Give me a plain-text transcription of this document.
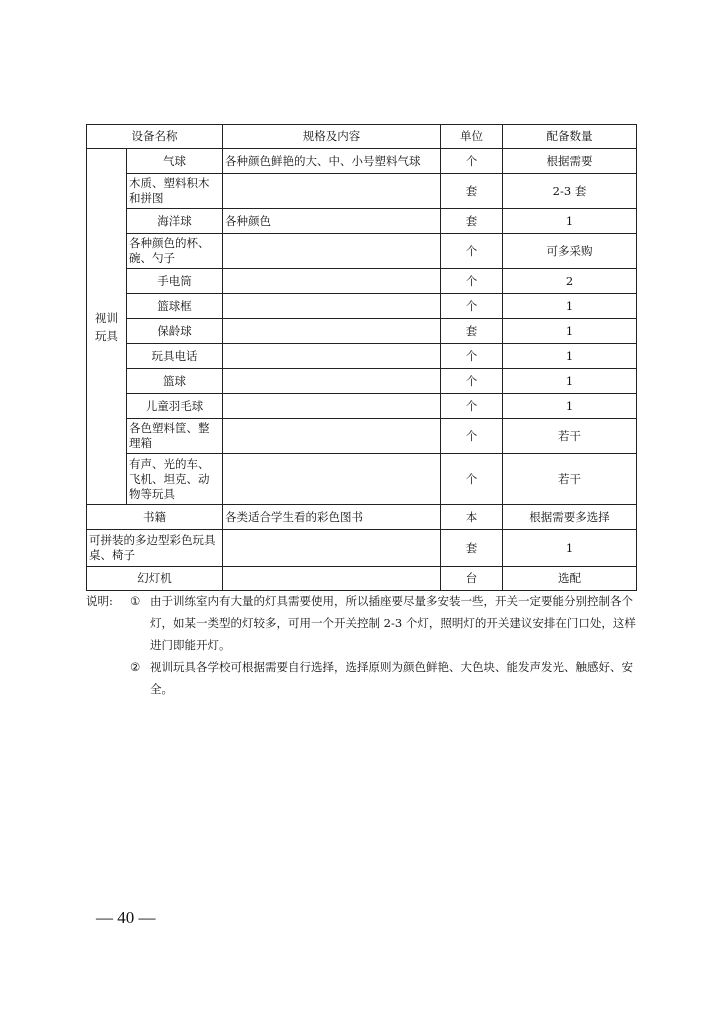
设备名称		规格及内容	单位	配备数量
视训玩具	气球	各种颜色鲜艳的大、中、小号塑料气球	个	根据需要
	木质、塑料积木和拼图		套	2-3 套
	海洋球	各种颜色	套	1
	各种颜色的杯、碗、勺子		个	可多采购
	手电筒		个	2
	篮球框		个	1
	保龄球		套	1
	玩具电话		个	1
	篮球		个	1
	儿童羽毛球		个	1
	各色塑料筐、整理箱		个	若干
	有声、光的车、飞机、坦克、动物等玩具		个	若干
书籍		各类适合学生看的彩色图书	本	根据需要多选择
可拼装的多边型彩色玩具桌、椅子			套	1
幻灯机			台	选配
说明:	① 由于训练室内有大量的灯具需要使用，所以插座要尽量多安装一些，开关一定要能分别控制各个灯，如某一类型的灯较多，可用一个开关控制 2-3 个灯，照明灯的开关建议安排在门口处，这样进门即能开灯。
② 视训玩具各学校可根据需要自行选择，选择原则为颜色鲜艳、大色块、能发声发光、触感好、安全。
— 40 —
